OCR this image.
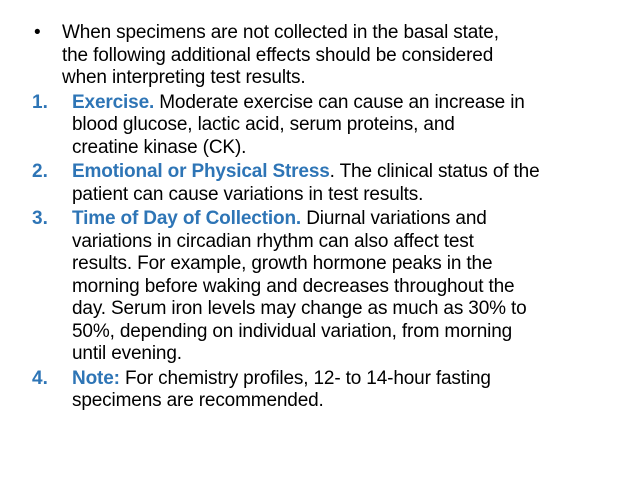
• When specimens are not collected in the basal state,
the following additional effects should be considered
when interpreting test results.
1. Exercise. Moderate exercise can cause an increase in
blood glucose, lactic acid, serum proteins, and
creatine kinase (CK).
2. Emotional or Physical Stress. The clinical status of the
patient can cause variations in test results.
3. Time of Day of Collection. Diurnal variations and
variations in circadian rhythm can also affect test
results. For example, growth hormone peaks in the
morning before waking and decreases throughout the
day. Serum iron levels may change as much as 30% to
50%, depending on individual variation, from morning
until evening.
4. Note: For chemistry profiles, 12- to 14-hour fasting
specimens are recommended.
